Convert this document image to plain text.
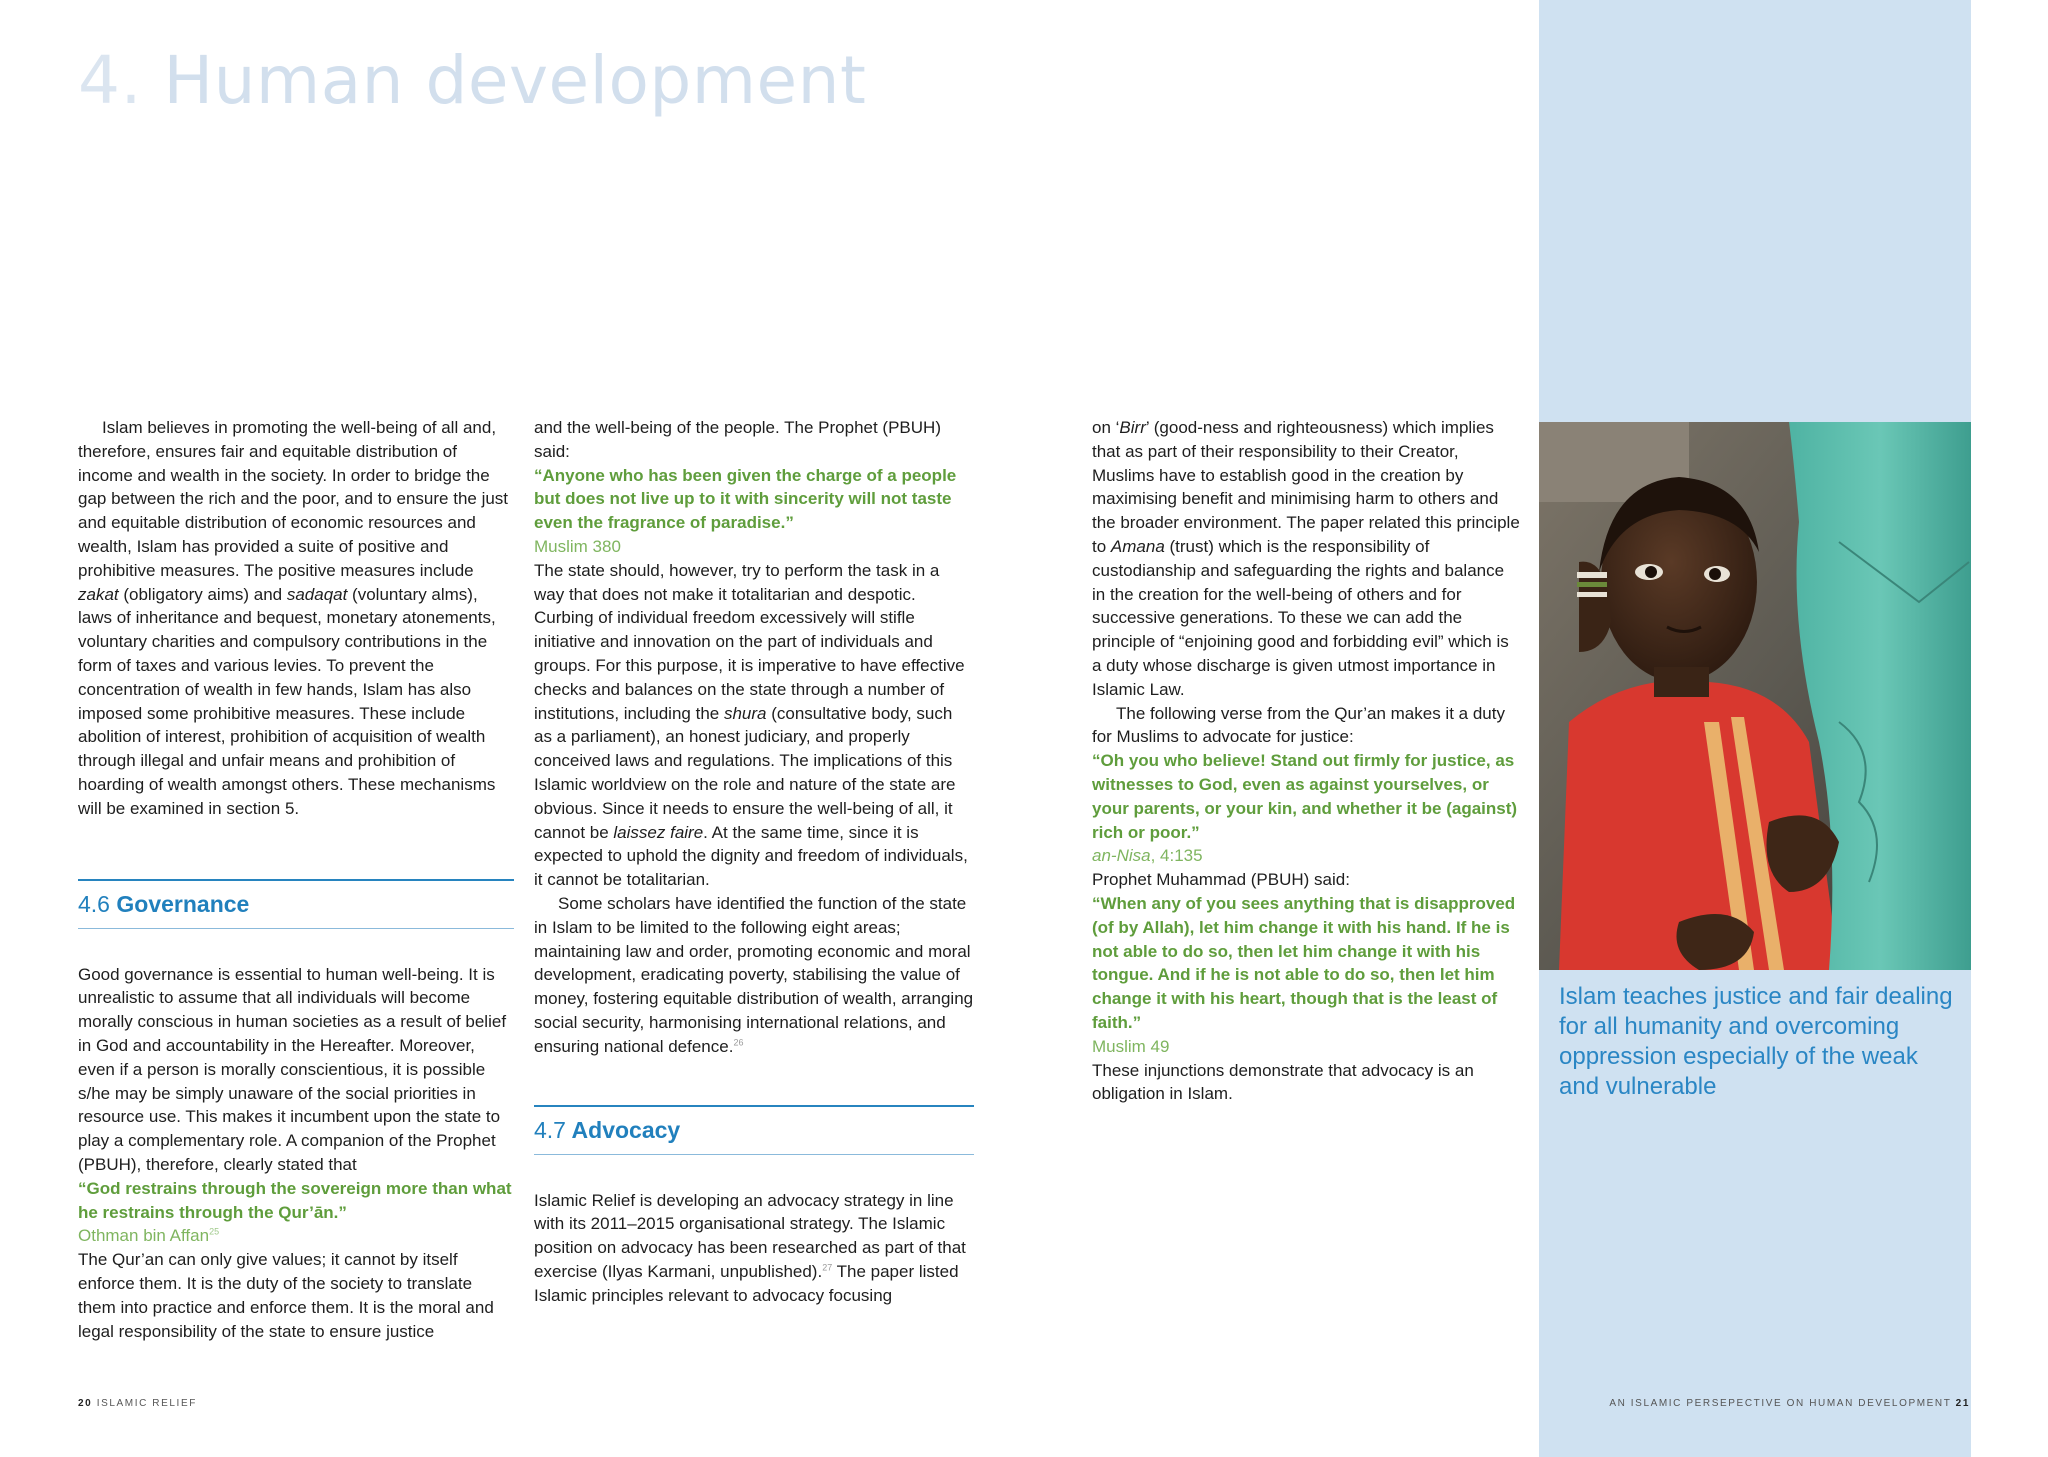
4. Human development

Islam believes in promoting the well-being of all and, therefore, ensures fair and equitable distribution of income and wealth in the society. In order to bridge the gap between the rich and the poor, and to ensure the just and equitable distribution of economic resources and wealth, Islam has provided a suite of positive and prohibitive measures. The positive measures include zakat (obligatory aims) and sadaqat (voluntary alms), laws of inheritance and bequest, monetary atonements, voluntary charities and compulsory contributions in the form of taxes and various levies. To prevent the concentration of wealth in few hands, Islam has also imposed some prohibitive measures. These include abolition of interest, prohibition of acquisition of wealth through illegal and unfair means and prohibition of hoarding of wealth amongst others. These mechanisms will be examined in section 5.

4.6 Governance

Good governance is essential to human well-being. It is unrealistic to assume that all individuals will become morally conscious in human societies as a result of belief in God and accountability in the Hereafter. Moreover, even if a person is morally conscientious, it is possible s/he may be simply unaware of the social priorities in resource use. This makes it incumbent upon the state to play a complementary role. A companion of the Prophet (PBUH), therefore, clearly stated that

“God restrains through the sovereign more than what he restrains through the Qur’ān.”

Othman bin Affan$^{25}$

The Qur’an can only give values; it cannot by itself enforce them. It is the duty of the society to translate them into practice and enforce them. It is the moral and legal responsibility of the state to ensure justice

and the well-being of the people. The Prophet (PBUH) said:

“Anyone who has been given the charge of a people but does not live up to it with sincerity will not taste even the fragrance of paradise.”

Muslim 380

The state should, however, try to perform the task in a way that does not make it totalitarian and despotic. Curbing of individual freedom excessively will stifle initiative and innovation on the part of individuals and groups. For this purpose, it is imperative to have effective checks and balances on the state through a number of institutions, including the shura (consultative body, such as a parliament), an honest judiciary, and properly conceived laws and regulations. The implications of this Islamic worldview on the role and nature of the state are obvious. Since it needs to ensure the well-being of all, it cannot be laissez faire. At the same time, since it is expected to uphold the dignity and freedom of individuals, it cannot be totalitarian.

Some scholars have identified the function of the state in Islam to be limited to the following eight areas; maintaining law and order, promoting economic and moral development, eradicating poverty, stabilising the value of money, fostering equitable distribution of wealth, arranging social security, harmonising international relations, and ensuring national defence.$^{26}$

4.7 Advocacy

Islamic Relief is developing an advocacy strategy in line with its 2011–2015 organisational strategy. The Islamic position on advocacy has been researched as part of that exercise (Ilyas Karmani, unpublished).$^{27}$ The paper listed Islamic principles relevant to advocacy focusing

on ‘Birr’ (good-ness and righteousness) which implies that as part of their responsibility to their Creator, Muslims have to establish good in the creation by maximising benefit and minimising harm to others and the broader environment. The paper related this principle to Amana (trust) which is the responsibility of custodianship and safeguarding the rights and balance in the creation for the well-being of others and for successive generations. To these we can add the principle of “enjoining good and forbidding evil” which is a duty whose discharge is given utmost importance in Islamic Law.

The following verse from the Qur’an makes it a duty for Muslims to advocate for justice:

“Oh you who believe! Stand out firmly for justice, as witnesses to God, even as against yourselves, or your parents, or your kin, and whether it be (against) rich or poor.”

an-Nisa, 4:135

Prophet Muhammad (PBUH) said:

“When any of you sees anything that is disapproved (of by Allah), let him change it with his hand. If he is not able to do so, then let him change it with his tongue. And if he is not able to do so, then let him change it with his heart, though that is the least of faith.”

Muslim 49

These injunctions demonstrate that advocacy is an obligation in Islam.

Islam teaches justice and fair dealing for all humanity and overcoming oppression especially of the weak and vulnerable

20 ISLAMIC RELIEF	AN ISLAMIC PERSEPECTIVE ON HUMAN DEVELOPMENT 21
